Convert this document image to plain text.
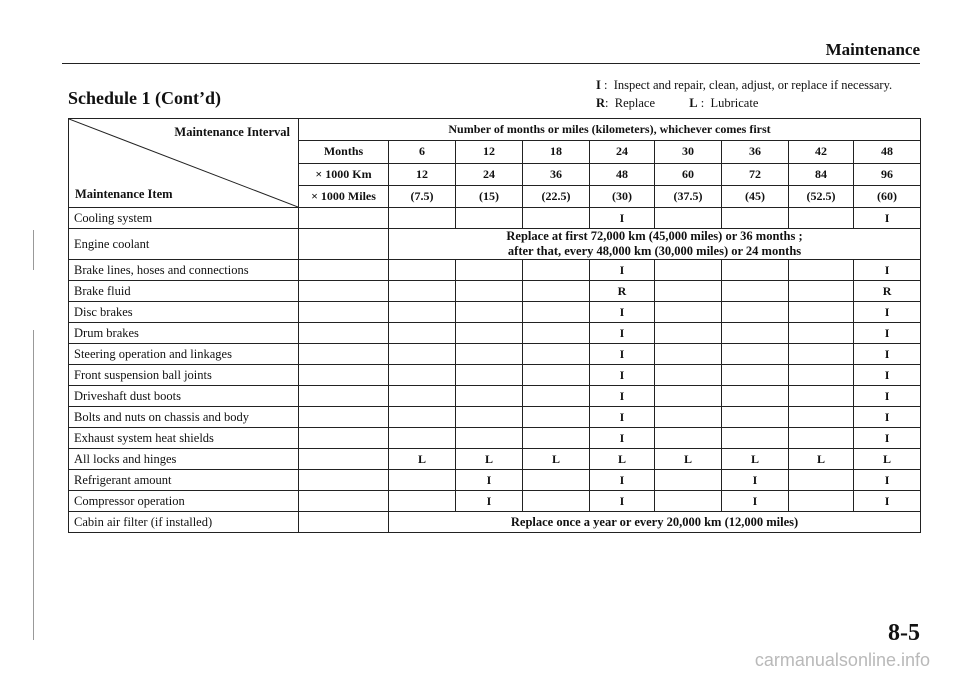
Maintenance
Schedule 1 (Cont’d)
I :  Inspect and repair, clean, adjust, or replace if necessary.
R:  Replace	L :  Lubricate
Maintenance Interval
Maintenance Item	Number of months or miles (kilometers), whichever comes first								
	Months	6	12	18	24	30	36	42	48
	× 1000 Km	12	24	36	48	60	72	84	96
	× 1000 Miles	(7.5)	(15)	(22.5)	(30)	(37.5)	(45)	(52.5)	(60)
Cooling system					I				I
Engine coolant		Replace at first 72,000 km (45,000 miles) or 36 months ;
after that, every 48,000 km (30,000 miles) or 24 months							

Brake lines, hoses and connections					I				I
Brake fluid					R				R
Disc brakes					I				I
Drum brakes					I				I
Steering operation and linkages					I				I
Front suspension ball joints					I				I
Driveshaft dust boots					I				I
Bolts and nuts on chassis and body					I				I
Exhaust system heat shields					I				I
All locks and hinges		L	L	L	L	L	L	L	L
Refrigerant amount			I		I		I		I
Compressor operation			I		I		I		I
Cabin air filter (if installed)		Replace once a year or every 20,000 km (12,000 miles)							
8-5
carmanualsonline.info
